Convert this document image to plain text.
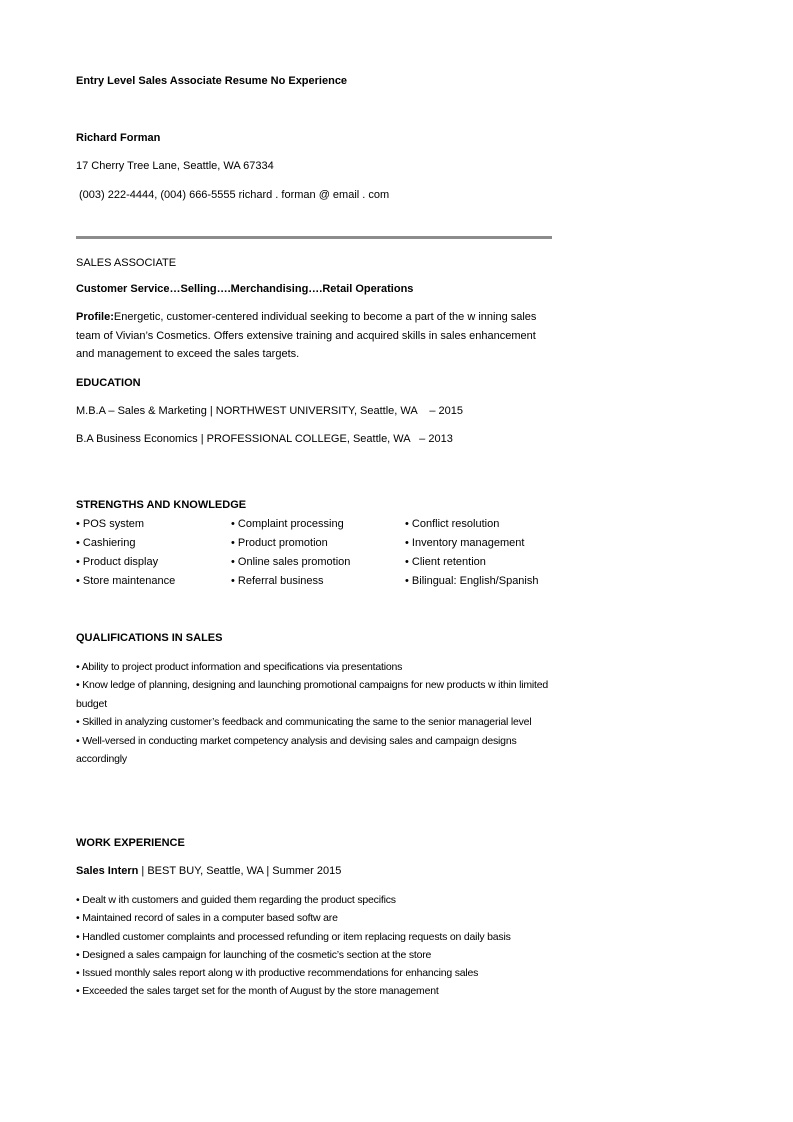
Entry Level Sales Associate Resume No Experience
Richard Forman
17 Cherry Tree Lane, Seattle, WA 67334
(003) 222-4444, (004) 666-5555 richard . forman @ email . com
SALES ASSOCIATE
Customer Service…Selling….Merchandising….Retail Operations
Profile:Energetic, customer-centered individual seeking to become a part of the w inning sales team of Vivian’s Cosmetics. Offers extensive training and acquired skills in sales enhancement and management to exceed the sales targets.
EDUCATION
M.B.A – Sales & Marketing | NORTHWEST UNIVERSITY, Seattle, WA    – 2015
B.A Business Economics | PROFESSIONAL COLLEGE, Seattle, WA   – 2013
STRENGTHS AND KNOWLEDGE
• POS system
• Cashiering
• Product display
• Store maintenance
• Complaint processing
• Product promotion
• Online sales promotion
• Referral business
• Conflict resolution
• Inventory management
• Client retention
• Bilingual: English/Spanish
QUALIFICATIONS IN SALES
• Ability to project product information and specifications via presentations
• Know ledge of planning, designing and launching promotional campaigns for new products w ithin limited budget
• Skilled in analyzing customer’s feedback and communicating the same to the senior managerial level
• Well-versed in conducting market competency analysis and devising sales and campaign designs accordingly
WORK EXPERIENCE
Sales Intern | BEST BUY, Seattle, WA | Summer 2015
• Dealt w ith customers and guided them regarding the product specifics
• Maintained record of sales in a computer based softw are
• Handled customer complaints and processed refunding or item replacing requests on daily basis
• Designed a sales campaign for launching of the cosmetic’s section at the store
• Issued monthly sales report along w ith productive recommendations for enhancing sales
• Exceeded the sales target set for the month of August by the store management
